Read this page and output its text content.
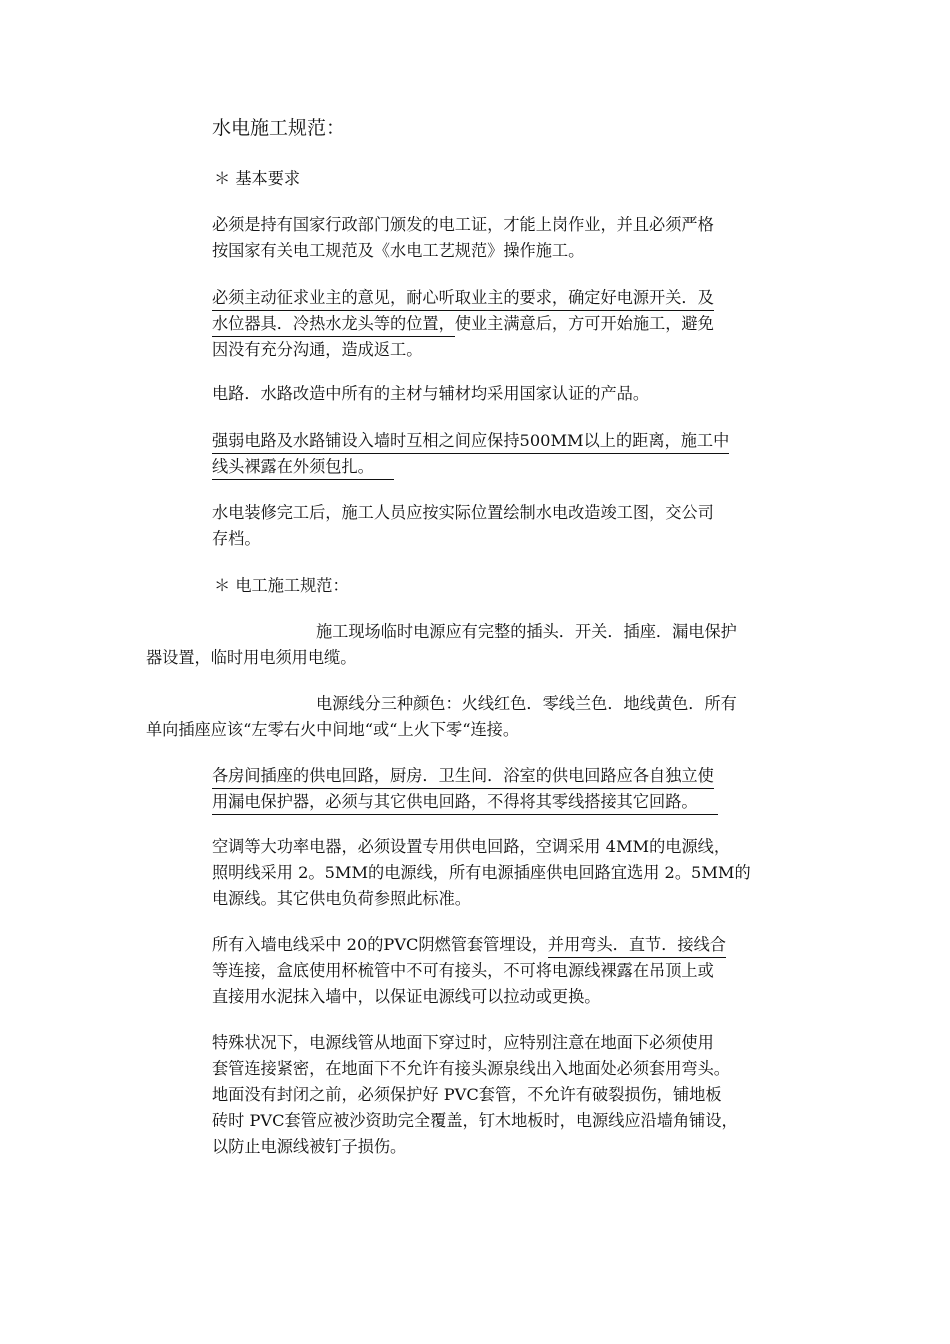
水电施工规范：
＊ 基本要求
必须是持有国家行政部门颁发的电工证，才能上岗作业，并且必须严格
按国家有关电工规范及《水电工艺规范》操作施工。
必须主动征求业主的意见，耐心听取业主的要求，确定好电源开关．及
水位器具．冷热水龙头等的位置，使业主满意后，方可开始施工，避免
因没有充分沟通，造成返工。
电路．水路改造中所有的主材与辅材均采用国家认证的产品。
强弱电路及水路铺设入墙时互相之间应保持500MM以上的距离，施工中
线头裸露在外须包扎。
水电装修完工后，施工人员应按实际位置绘制水电改造竣工图，交公司
存档。
＊ 电工施工规范：
施工现场临时电源应有完整的插头．开关．插座．漏电保护
器设置，临时用电须用电缆。
电源线分三种颜色：火线红色．零线兰色．地线黄色．所有
单向插座应该“左零右火中间地“或“上火下零“连接。
各房间插座的供电回路，厨房．卫生间．浴室的供电回路应各自独立使
用漏电保护器，必须与其它供电回路，不得将其零线搭接其它回路。
空调等大功率电器，必须设置专用供电回路，空调采用 4MM的电源线，
照明线采用 2。5MM的电源线，所有电源插座供电回路宜选用 2。5MM的
电源线。其它供电负荷参照此标准。
所有入墙电线采中 20的PVC阴燃管套管埋设，并用弯头．直节．接线合
等连接，盒底使用杯梳管中不可有接头，不可将电源线裸露在吊顶上或
直接用水泥抹入墙中，以保证电源线可以拉动或更换。
特殊状况下，电源线管从地面下穿过时，应特别注意在地面下必须使用
套管连接紧密，在地面下不允许有接头源泉线出入地面处必须套用弯头。
地面没有封闭之前，必须保护好 PVC套管，不允许有破裂损伤，铺地板
砖时 PVC套管应被沙资助完全覆盖，钉木地板时，电源线应沿墙角铺设，
以防止电源线被钉子损伤。
